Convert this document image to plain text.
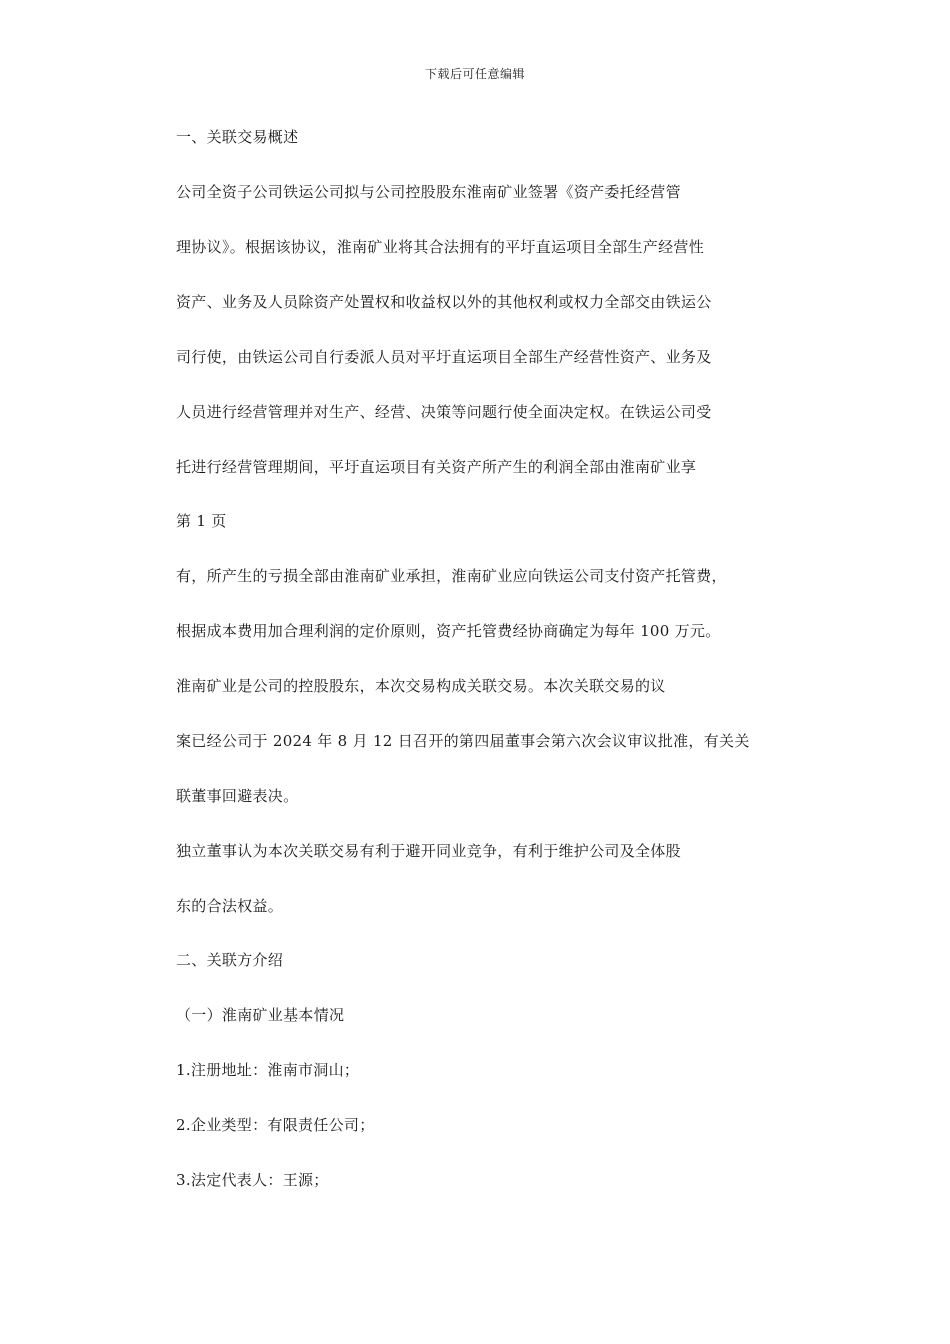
下载后可任意编辑
一、关联交易概述
公司全资子公司铁运公司拟与公司控股股东淮南矿业签署《资产委托经营管
理协议》。根据该协议，淮南矿业将其合法拥有的平圩直运项目全部生产经营性
资产、业务及人员除资产处置权和收益权以外的其他权利或权力全部交由铁运公
司行使，由铁运公司自行委派人员对平圩直运项目全部生产经营性资产、业务及
人员进行经营管理并对生产、经营、决策等问题行使全面决定权。在铁运公司受
托进行经营管理期间，平圩直运项目有关资产所产生的利润全部由淮南矿业享
第 1 页
有，所产生的亏损全部由淮南矿业承担，淮南矿业应向铁运公司支付资产托管费，
根据成本费用加合理利润的定价原则，资产托管费经协商确定为每年 100 万元。
淮南矿业是公司的控股股东，本次交易构成关联交易。本次关联交易的议
案已经公司于 2024 年 8 月 12 日召开的第四届董事会第六次会议审议批准，有关关
联董事回避表决。
独立董事认为本次关联交易有利于避开同业竞争，有利于维护公司及全体股
东的合法权益。
二、关联方介绍
（一）淮南矿业基本情况
1.注册地址：淮南市洞山；
2.企业类型：有限责任公司；
3.法定代表人：王源；
